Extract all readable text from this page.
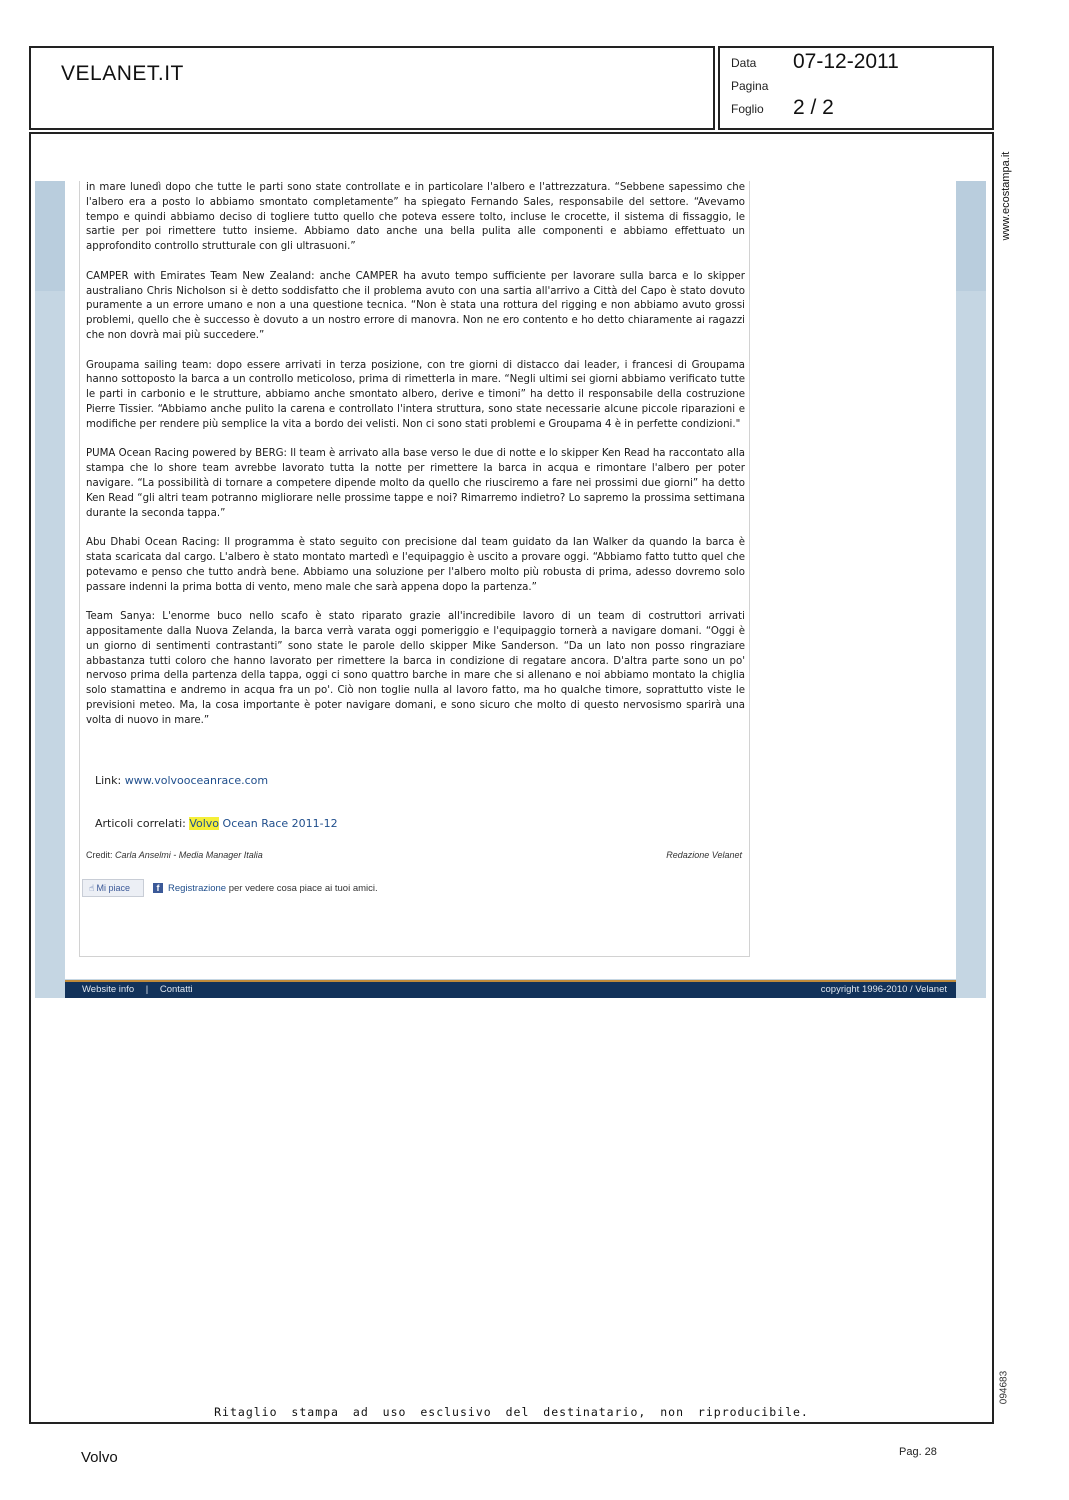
VELANET.IT	Data 07-12-2011
Pagina
Foglio 2 / 2
www.ecostampa.it
094683

in mare lunedì dopo che tutte le parti sono state controllate e in particolare l'albero e l'attrezzatura. “Sebbene sapessimo che l'albero era a posto lo abbiamo smontato completamente” ha spiegato Fernando Sales, responsabile del settore. “Avevamo tempo e quindi abbiamo deciso di togliere tutto quello che poteva essere tolto, incluse le crocette, il sistema di fissaggio, le sartie per poi rimettere tutto insieme. Abbiamo dato anche una bella pulita alle componenti e abbiamo effettuato un approfondito controllo strutturale con gli ultrasuoni.”

CAMPER with Emirates Team New Zealand: anche CAMPER ha avuto tempo sufficiente per lavorare sulla barca e lo skipper australiano Chris Nicholson si è detto soddisfatto che il problema avuto con una sartia all'arrivo a Città del Capo è stato dovuto puramente a un errore umano e non a una questione tecnica. “Non è stata una rottura del rigging e non abbiamo avuto grossi problemi, quello che è successo è dovuto a un nostro errore di manovra. Non ne ero contento e ho detto chiaramente ai ragazzi che non dovrà mai più succedere.”

Groupama sailing team: dopo essere arrivati in terza posizione, con tre giorni di distacco dai leader, i francesi di Groupama hanno sottoposto la barca a un controllo meticoloso, prima di rimetterla in mare. “Negli ultimi sei giorni abbiamo verificato tutte le parti in carbonio e le strutture, abbiamo anche smontato albero, derive e timoni” ha detto il responsabile della costruzione Pierre Tissier. “Abbiamo anche pulito la carena e controllato l'intera struttura, sono state necessarie alcune piccole riparazioni e modifiche per rendere più semplice la vita a bordo dei velisti. Non ci sono stati problemi e Groupama 4 è in perfette condizioni."

PUMA Ocean Racing powered by BERG: Il team è arrivato alla base verso le due di notte e lo skipper Ken Read ha raccontato alla stampa che lo shore team avrebbe lavorato tutta la notte per rimettere la barca in acqua e rimontare l'albero per poter navigare. “La possibilità di tornare a competere dipende molto da quello che riusciremo a fare nei prossimi due giorni” ha detto Ken Read “gli altri team potranno migliorare nelle prossime tappe e noi? Rimarremo indietro? Lo sapremo la prossima settimana durante la seconda tappa.”

Abu Dhabi Ocean Racing: Il programma è stato seguito con precisione dal team guidato da Ian Walker da quando la barca è stata scaricata dal cargo. L'albero è stato montato martedì e l'equipaggio è uscito a provare oggi. “Abbiamo fatto tutto quel che potevamo e penso che tutto andrà bene. Abbiamo una soluzione per l'albero molto più robusta di prima, adesso dovremo solo passare indenni la prima botta di vento, meno male che sarà appena dopo la partenza.”

Team Sanya: L'enorme buco nello scafo è stato riparato grazie all'incredibile lavoro di un team di costruttori arrivati appositamente dalla Nuova Zelanda, la barca verrà varata oggi pomeriggio e l'equipaggio tornerà a navigare domani. “Oggi è un giorno di sentimenti contrastanti” sono state le parole dello skipper Mike Sanderson. “Da un lato non posso ringraziare abbastanza tutti coloro che hanno lavorato per rimettere la barca in condizione di regatare ancora. D'altra parte sono un po' nervoso prima della partenza della tappa, oggi ci sono quattro barche in mare che si allenano e noi abbiamo montato la chiglia solo stamattina e andremo in acqua fra un po'. Ciò non toglie nulla al lavoro fatto, ma ho qualche timore, soprattutto viste le previsioni meteo. Ma, la cosa importante è poter navigare domani, e sono sicuro che molto di questo nervosismo sparirà una volta di nuovo in mare.”

Link: www.volvooceanrace.com
Articoli correlati: Volvo Ocean Race 2011-12
Credit: Carla Anselmi - Media Manager Italia	Redazione Velanet
☝ Mi piace	f Registrazione per vedere cosa piace ai tuoi amici.
Website info | Contatti	copyright 1996-2010 / Velanet
Ritaglio stampa ad uso esclusivo del destinatario, non riproducibile.
Volvo	Pag. 28
